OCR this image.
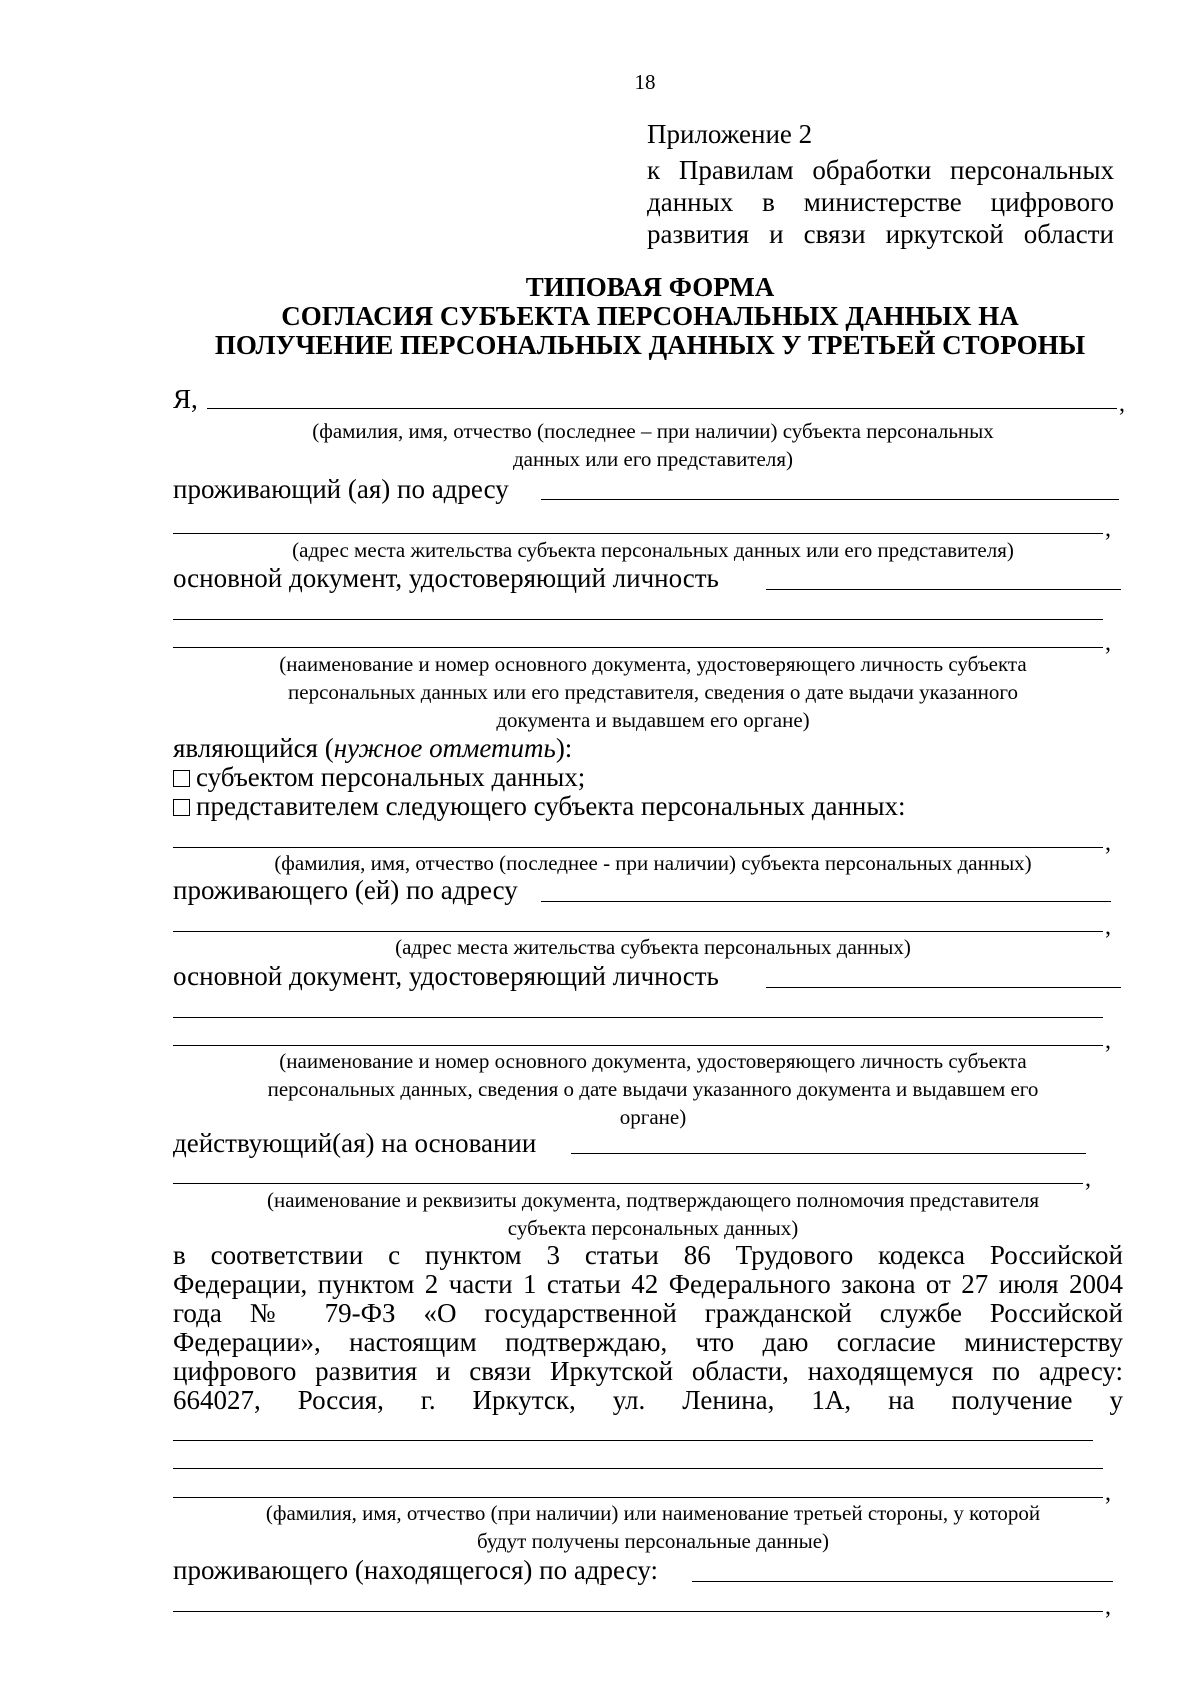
18
Приложение 2
к Правилам обработки персональных
данных в министерстве цифрового
развития и связи иркутской области
ТИПОВАЯ ФОРМА
СОГЛАСИЯ СУБЪЕКТА ПЕРСОНАЛЬНЫХ ДАННЫХ НА
ПОЛУЧЕНИЕ ПЕРСОНАЛЬНЫХ ДАННЫХ У ТРЕТЬЕЙ СТОРОНЫ
Я,	,
(фамилия, имя, отчество (последнее – при наличии) субъекта персональных
данных или его представителя)
проживающий (ая) по адресу
,
(адрес места жительства субъекта персональных данных или его представителя)
основной документ, удостоверяющий личность
,
(наименование и номер основного документа, удостоверяющего личность субъекта
персональных данных или его представителя, сведения о дате выдачи указанного
документа и выдавшем его органе)
являющийся (нужное отметить):
субъектом персональных данных;
представителем следующего субъекта персональных данных:
,
(фамилия, имя, отчество (последнее - при наличии) субъекта персональных данных)
проживающего (ей) по адресу
,
(адрес места жительства субъекта персональных данных)
основной документ, удостоверяющий личность
,
(наименование и номер основного документа, удостоверяющего личность субъекта
персональных данных, сведения о дате выдачи указанного документа и выдавшем его
органе)
действующий(ая) на основании
,
(наименование и реквизиты документа, подтверждающего полномочия представителя
субъекта персональных данных)
в соответствии с пунктом 3 статьи 86 Трудового кодекса Российской
Федерации, пунктом 2 части 1 статьи 42 Федерального закона от 27 июля 2004
года № 79-ФЗ «О государственной гражданской службе Российской
Федерации», настоящим подтверждаю, что даю согласие министерству
цифрового развития и связи Иркутской области, находящемуся по адресу:
664027, Россия, г. Иркутск, ул. Ленина, 1А, на получение у
,
(фамилия, имя, отчество (при наличии) или наименование третьей стороны, у которой
будут получены персональные данные)
проживающего (находящегося) по адресу:
,
